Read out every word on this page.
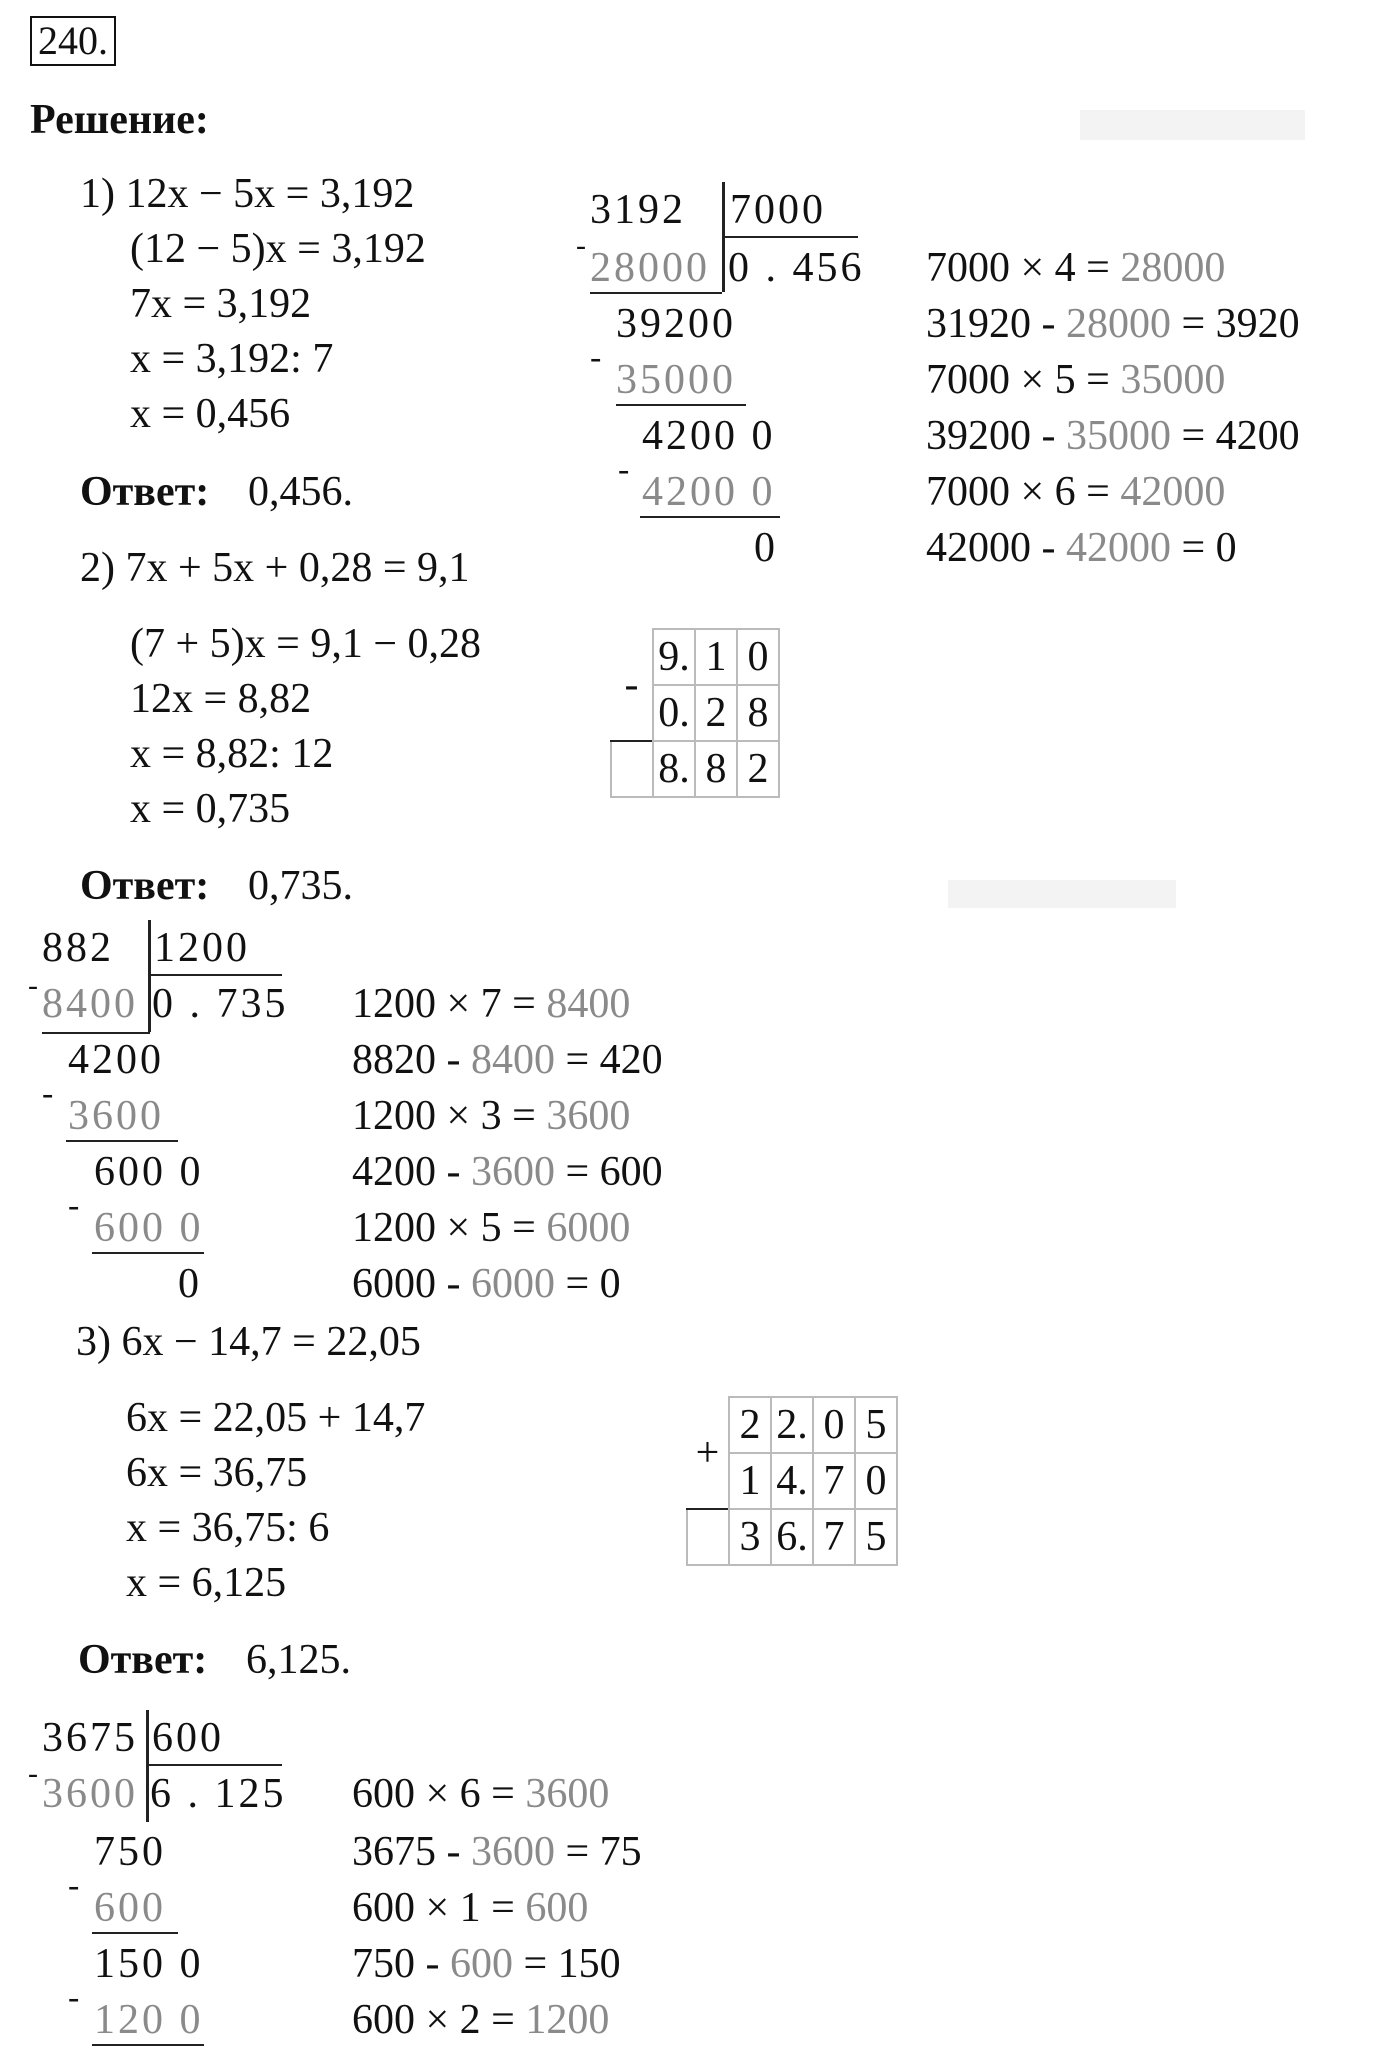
240.
Решение:
1) 12x − 5x = 3,192
(12 − 5)x = 3,192
7x = 3,192
x = 3,192: 7
x = 0,456
Ответ: 0,456.
3192 7000
- 28000 0 . 456
39200
- 35000
4200 0
- 4200 0
0
7000 × 4 = 28000
31920 - 28000 = 3920
7000 × 5 = 35000
39200 - 35000 = 4200
7000 × 6 = 42000
42000 - 42000 = 0
2) 7x + 5x + 0,28 = 9,1
(7 + 5)x = 9,1 − 0,28
12x = 8,82
x = 8,82: 12
x = 0,735
-	9.	1	0
	0.	2	8
	8.	8	2
Ответ: 0,735.
882 1200
- 8400 0 . 735
4200
- 3600
600 0
- 600 0
0
1200 × 7 = 8400
8820 - 8400 = 420
1200 × 3 = 3600
4200 - 3600 = 600
1200 × 5 = 6000
6000 - 6000 = 0
3) 6x − 14,7 = 22,05
6x = 22,05 + 14,7
6x = 36,75
x = 36,75: 6
x = 6,125
+	2	2.	0	5
	1	4.	7	0
	3	6.	7	5
Ответ: 6,125.
3675 600
- 3600 6 . 125
750
- 600
150 0
- 120 0
600 × 6 = 3600
3675 - 3600 = 75
600 × 1 = 600
750 - 600 = 150
600 × 2 = 1200
